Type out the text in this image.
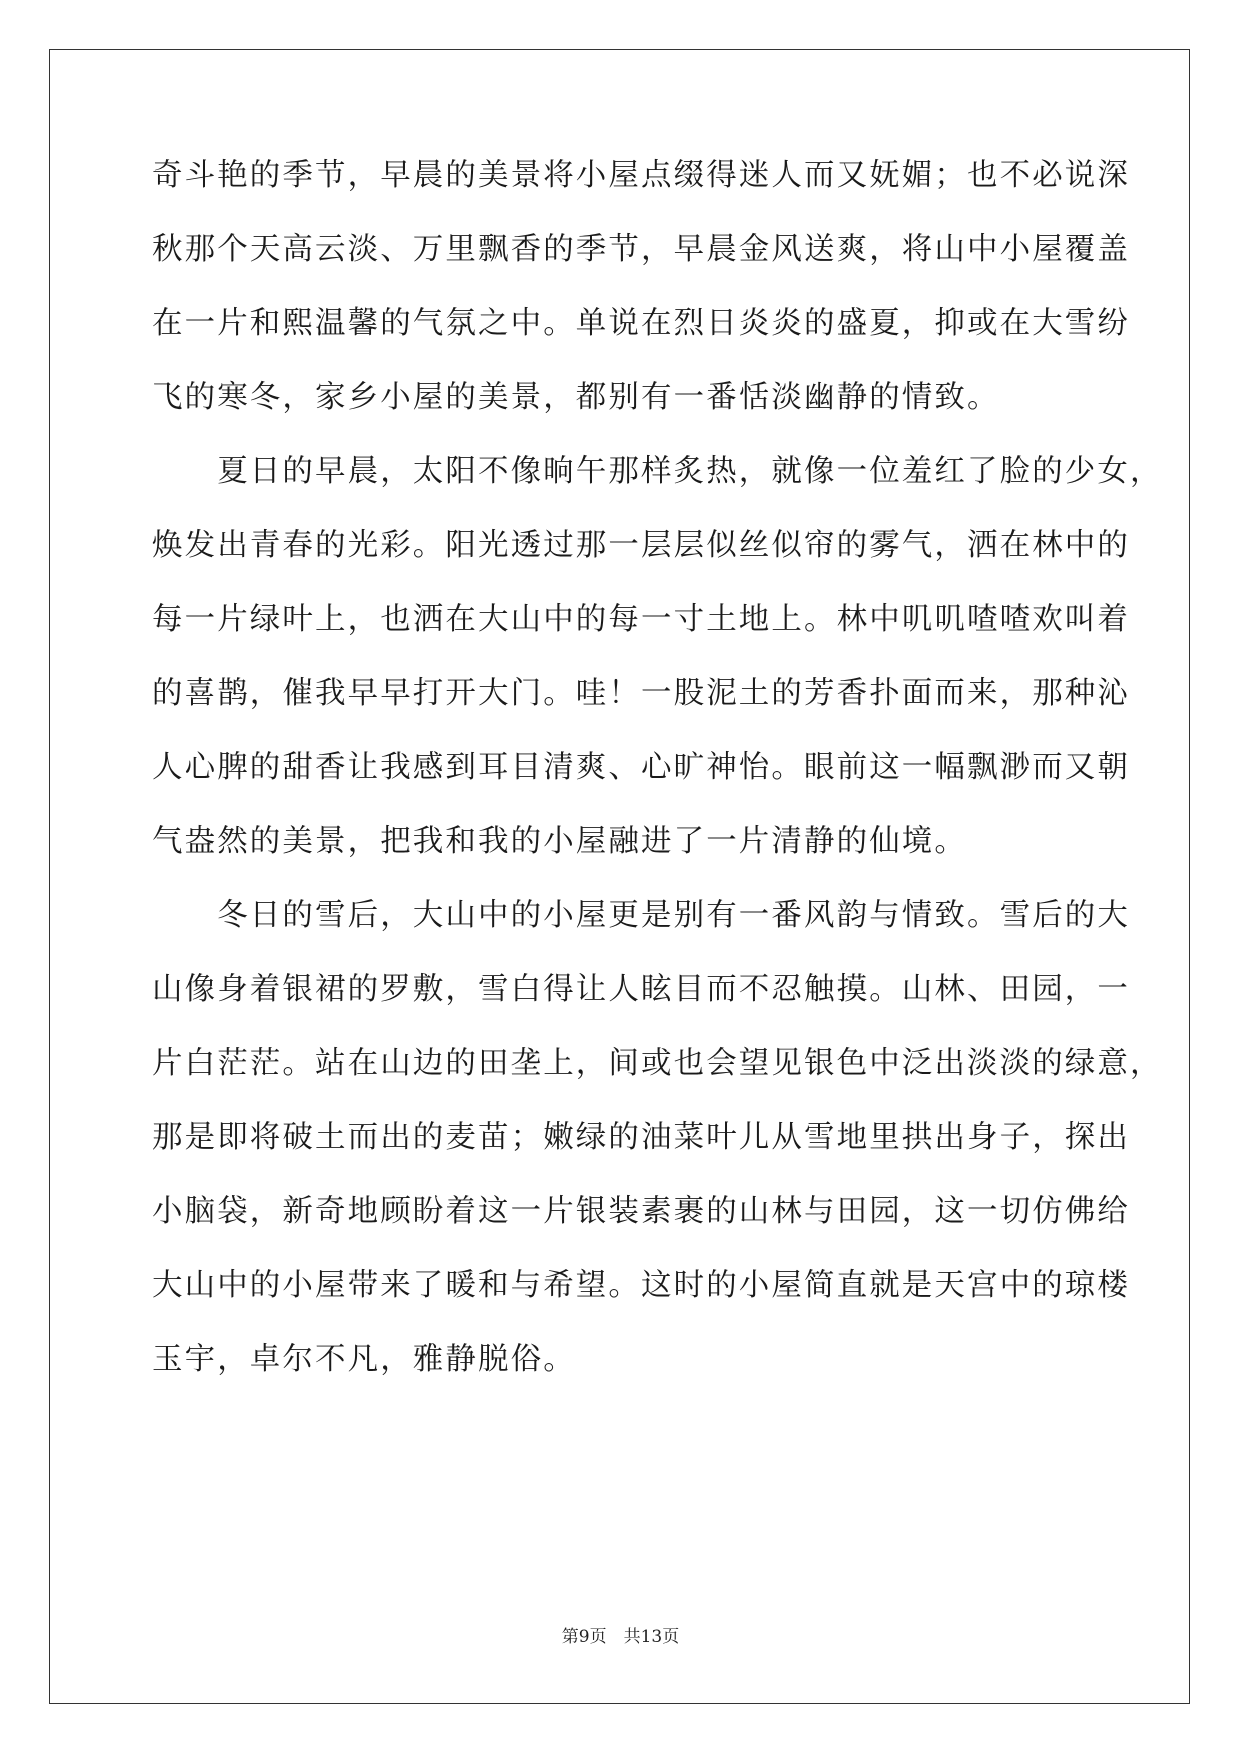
奇斗艳的季节，早晨的美景将小屋点缀得迷人而又妩媚；也不必说深
秋那个天高云淡、万里飘香的季节，早晨金风送爽，将山中小屋覆盖
在一片和熙温馨的气氛之中。单说在烈日炎炎的盛夏，抑或在大雪纷
飞的寒冬，家乡小屋的美景，都别有一番恬淡幽静的情致。
　　夏日的早晨，太阳不像晌午那样炙热，就像一位羞红了脸的少女，
焕发出青春的光彩。阳光透过那一层层似丝似帘的雾气，洒在林中的
每一片绿叶上，也洒在大山中的每一寸土地上。林中叽叽喳喳欢叫着
的喜鹊，催我早早打开大门。哇！一股泥土的芳香扑面而来，那种沁
人心脾的甜香让我感到耳目清爽、心旷神怡。眼前这一幅飘渺而又朝
气盎然的美景，把我和我的小屋融进了一片清静的仙境。
　　冬日的雪后，大山中的小屋更是别有一番风韵与情致。雪后的大
山像身着银裙的罗敷，雪白得让人眩目而不忍触摸。山林、田园，一
片白茫茫。站在山边的田垄上，间或也会望见银色中泛出淡淡的绿意，
那是即将破土而出的麦苗；嫩绿的油菜叶儿从雪地里拱出身子，探出
小脑袋，新奇地顾盼着这一片银装素裹的山林与田园，这一切仿佛给
大山中的小屋带来了暖和与希望。这时的小屋简直就是天宫中的琼楼
玉宇，卓尔不凡，雅静脱俗。
第9页　共13页
